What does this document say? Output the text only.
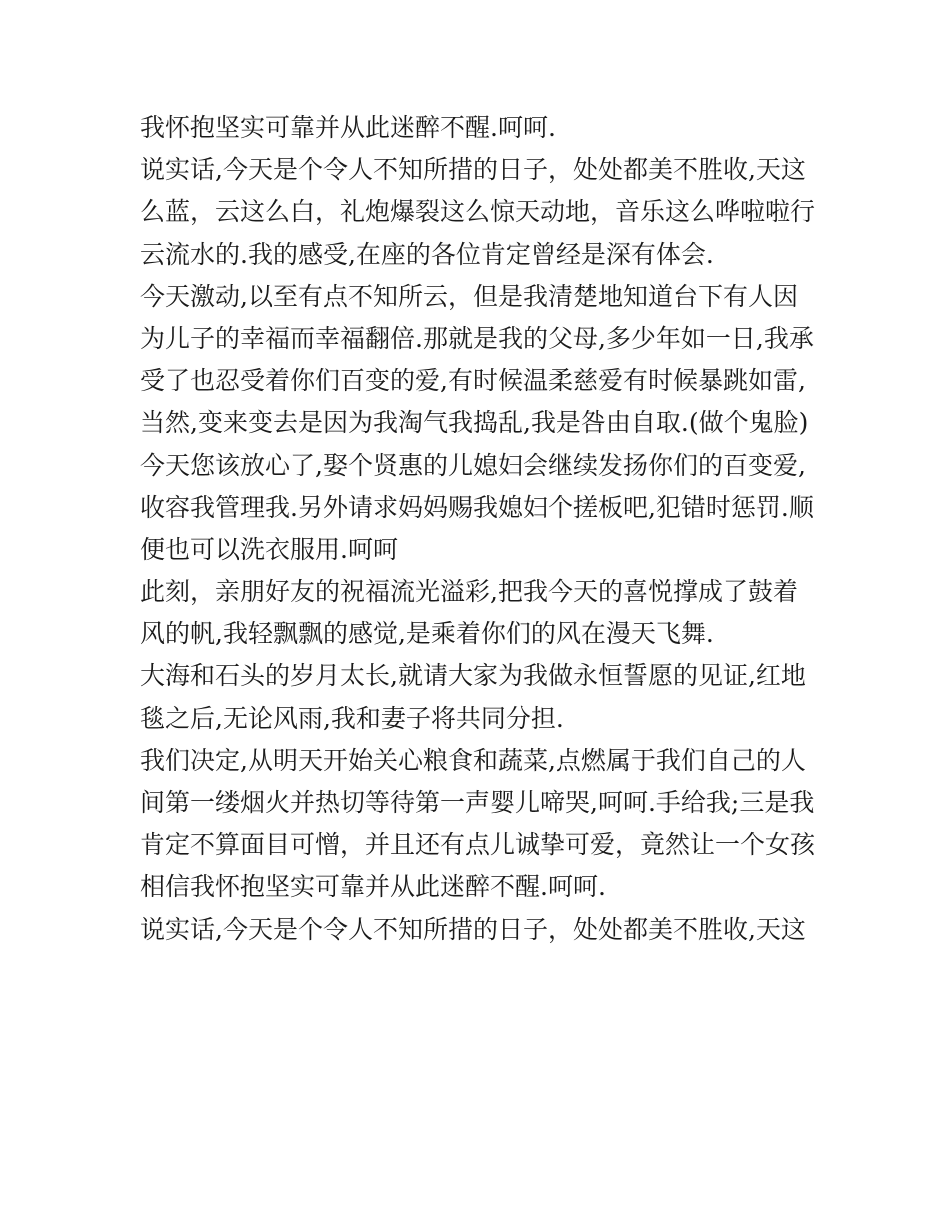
我怀抱坚实可靠并从此迷醉不醒.呵呵.
说实话,今天是个令人不知所措的日子，处处都美不胜收,天这
么蓝，云这么白，礼炮爆裂这么惊天动地，音乐这么哗啦啦行
云流水的.我的感受,在座的各位肯定曾经是深有体会.
今天激动,以至有点不知所云，但是我清楚地知道台下有人因
为儿子的幸福而幸福翻倍.那就是我的父母,多少年如一日,我承
受了也忍受着你们百变的爱,有时候温柔慈爱有时候暴跳如雷,
当然,变来变去是因为我淘气我捣乱,我是咎由自取.(做个鬼脸)
今天您该放心了,娶个贤惠的儿媳妇会继续发扬你们的百变爱,
收容我管理我.另外请求妈妈赐我媳妇个搓板吧,犯错时惩罚.顺
便也可以洗衣服用.呵呵
此刻，亲朋好友的祝福流光溢彩,把我今天的喜悦撑成了鼓着
风的帆,我轻飘飘的感觉,是乘着你们的风在漫天飞舞.
大海和石头的岁月太长,就请大家为我做永恒誓愿的见证,红地
毯之后,无论风雨,我和妻子将共同分担.
我们决定,从明天开始关心粮食和蔬菜,点燃属于我们自己的人
间第一缕烟火并热切等待第一声婴儿啼哭,呵呵.手给我;三是我
肯定不算面目可憎，并且还有点儿诚挚可爱，竟然让一个女孩
相信我怀抱坚实可靠并从此迷醉不醒.呵呵.
说实话,今天是个令人不知所措的日子，处处都美不胜收,天这
